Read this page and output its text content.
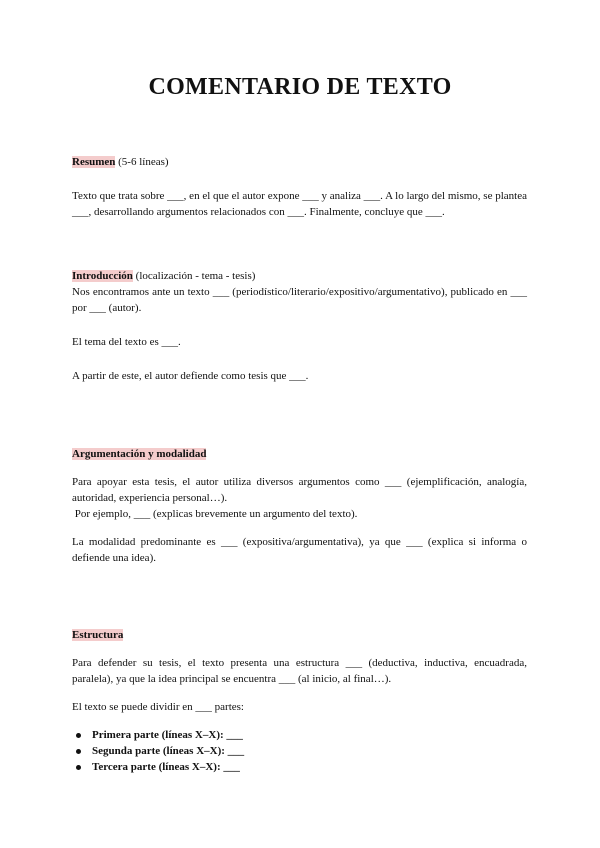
COMENTARIO DE TEXTO

Resumen (5-6 líneas)

Texto que trata sobre ___, en el que el autor expone ___ y analiza ___. A lo largo del mismo, se plantea ___, desarrollando argumentos relacionados con ___. Finalmente, concluye que ___.

Introducción (localización - tema - tesis)

Nos encontramos ante un texto ___ (periodístico/literario/expositivo/argumentativo), publicado en ___ por ___ (autor).

El tema del texto es ___.

A partir de este, el autor defiende como tesis que ___.

Argumentación y modalidad

Para apoyar esta tesis, el autor utiliza diversos argumentos como ___ (ejemplificación, analogía, autoridad, experiencia personal…).

Por ejemplo, ___ (explicas brevemente un argumento del texto).

La modalidad predominante es ___ (expositiva/argumentativa), ya que ___ (explica si informa o defiende una idea).

Estructura

Para defender su tesis, el texto presenta una estructura ___ (deductiva, inductiva, encuadrada, paralela), ya que la idea principal se encuentra ___ (al inicio, al final…).

El texto se puede dividir en ___ partes:

Primera parte (líneas X–X): ___
Segunda parte (líneas X–X): ___
Tercera parte (líneas X–X): ___
